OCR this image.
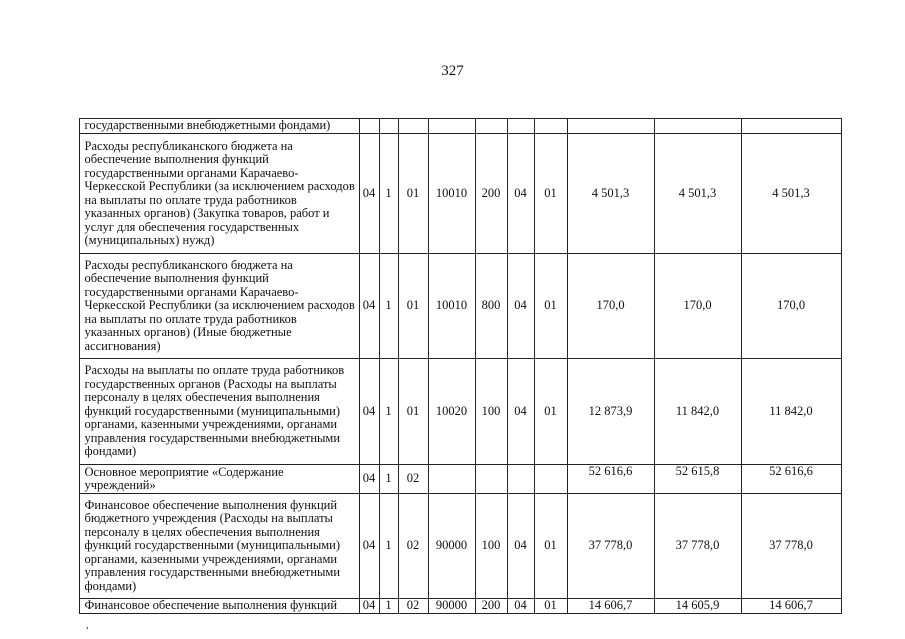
327
	государственными внебюджетными фондами)										
	Расходы республиканского бюджета на обеспечение выполнения функций государственными органами Карачаево-Черкесской Республики (за исключением расходов на выплаты по оплате труда работников указанных органов) (Закупка товаров, работ и услуг для обеспечения государственных (муниципальных) нужд)	04	1	01	10010	200	04	01	4 501,3	4 501,3	4 501,3
	Расходы республиканского бюджета на обеспечение выполнения функций государственными органами Карачаево-Черкесской Республики (за исключением расходов на выплаты по оплате труда работников указанных органов) (Иные бюджетные ассигнования)	04	1	01	10010	800	04	01	170,0	170,0	170,0
	Расходы на выплаты по оплате труда работников государственных органов (Расходы на выплаты персоналу в целях обеспечения выполнения функций государственными (муниципальными) органами, казенными учреждениями, органами управления государственными внебюджетными фондами)	04	1	01	10020	100	04	01	12 873,9	11 842,0	11 842,0
	Основное мероприятие «Содержание учреждений»	04	1	02					52 616,6	52 615,8	52 616,6
	Финансовое обеспечение выполнения функций бюджетного учреждения (Расходы на выплаты персоналу в целях обеспечения выполнения функций государственными (муниципальными) органами, казенными учреждениями, органами управления государственными внебюджетными фондами)	04	1	02	90000	100	04	01	37 778,0	37 778,0	37 778,0
	Финансовое обеспечение выполнения функций	04	1	02	90000	200	04	01	14 606,7	14 605,9	14 606,7
,
